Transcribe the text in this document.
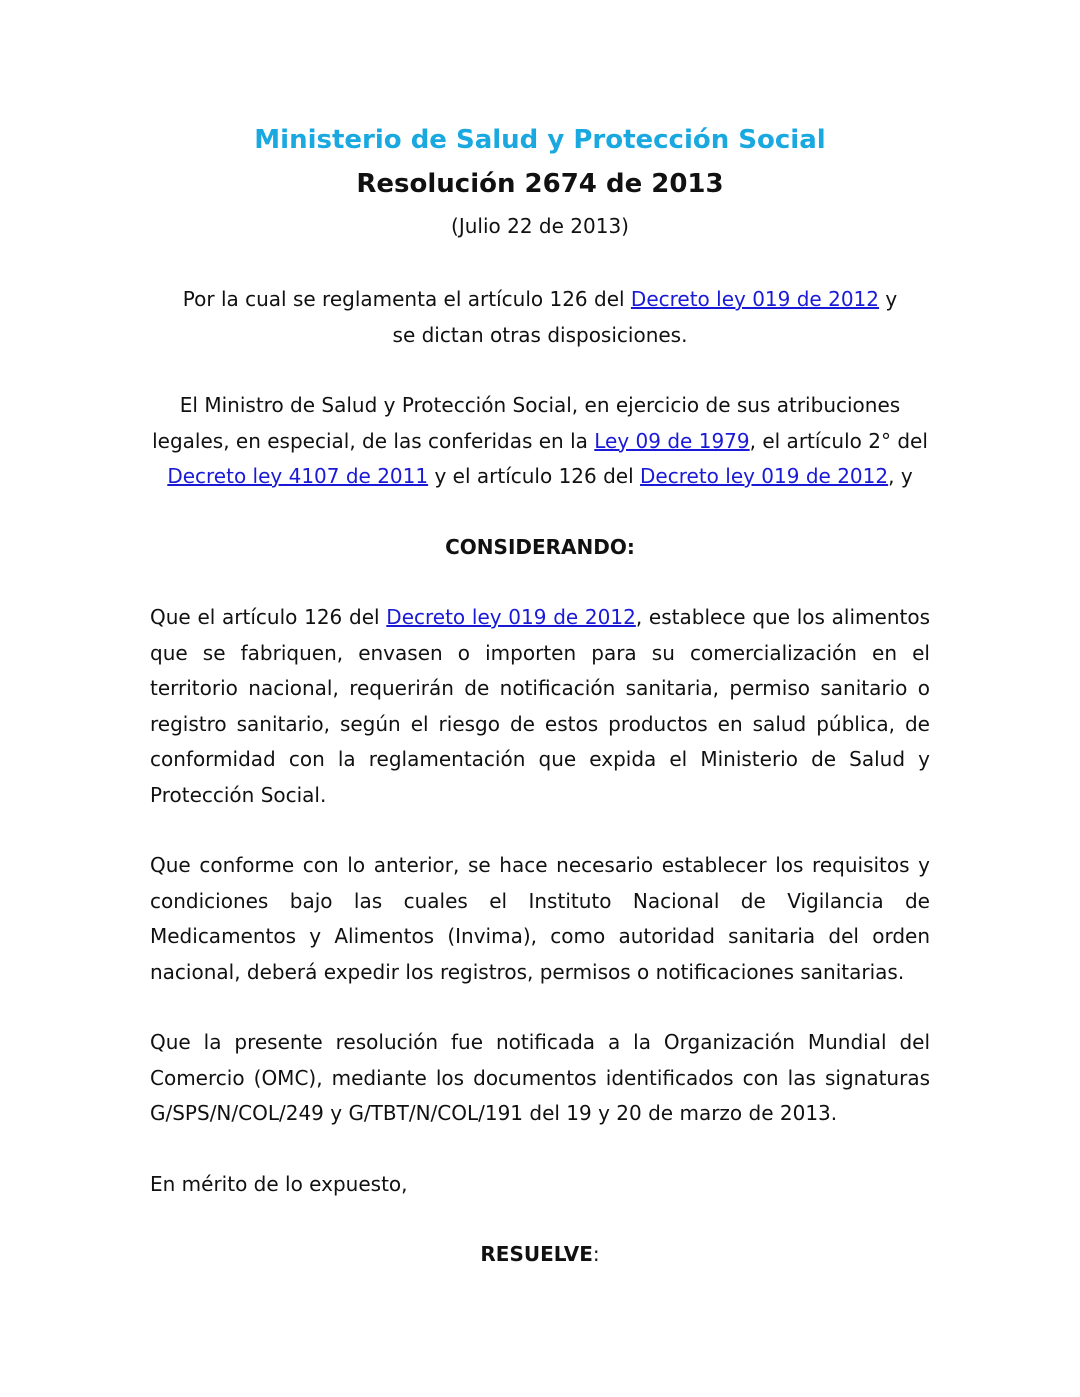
Ministerio de Salud y Protección Social
Resolución 2674 de 2013
(Julio 22 de 2013)

Por la cual se reglamenta el artículo 126 del Decreto ley 019 de 2012 y se dictan otras disposiciones.

El Ministro de Salud y Protección Social, en ejercicio de sus atribuciones legales, en especial, de las conferidas en la Ley 09 de 1979, el artículo 2° del Decreto ley 4107 de 2011 y el artículo 126 del Decreto ley 019 de 2012, y

CONSIDERANDO:

Que el artículo 126 del Decreto ley 019 de 2012, establece que los alimentos que se fabriquen, envasen o importen para su comercialización en el territorio nacional, requerirán de notificación sanitaria, permiso sanitario o registro sanitario, según el riesgo de estos productos en salud pública, de conformidad con la reglamentación que expida el Ministerio de Salud y Protección Social.

Que conforme con lo anterior, se hace necesario establecer los requisitos y condiciones bajo las cuales el Instituto Nacional de Vigilancia de Medicamentos y Alimentos (Invima), como autoridad sanitaria del orden nacional, deberá expedir los registros, permisos o notificaciones sanitarias.

Que la presente resolución fue notificada a la Organización Mundial del Comercio (OMC), mediante los documentos identificados con las signaturas G/SPS/N/COL/249 y G/TBT/N/COL/191 del 19 y 20 de marzo de 2013.

En mérito de lo expuesto,

RESUELVE:
